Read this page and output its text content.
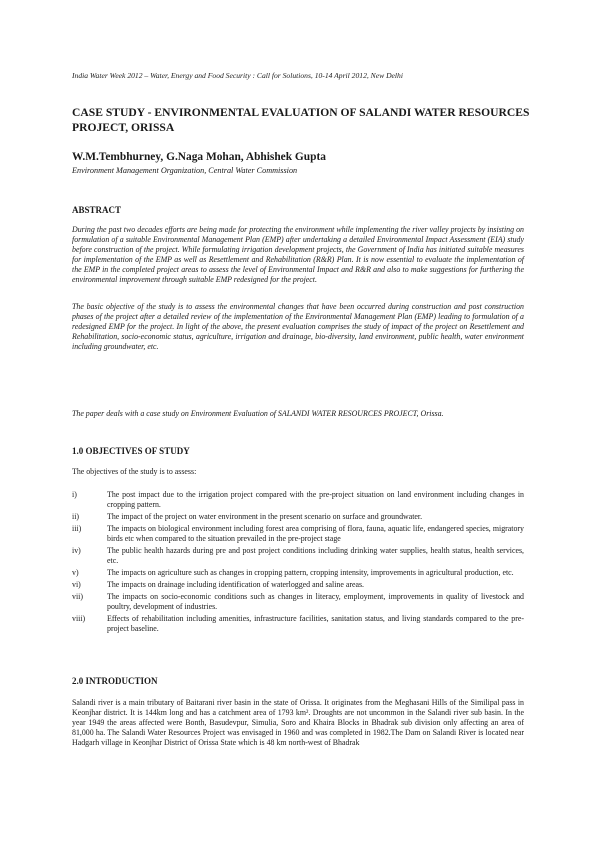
India Water Week 2012 – Water, Energy and Food Security : Call for Solutions, 10-14 April 2012, New Delhi
CASE STUDY - ENVIRONMENTAL EVALUATION OF SALANDI WATER RESOURCES PROJECT, ORISSA
W.M.Tembhurney, G.Naga Mohan, Abhishek Gupta
Environment Management Organization, Central Water Commission
ABSTRACT

During the past two decades efforts are being made for protecting the environment while implementing the river valley projects by insisting on formulation of a suitable Environmental Management Plan (EMP) after undertaking a detailed Environmental Impact Assessment (EIA) study before construction of the project. While formulating irrigation development projects, the Government of India has initiated suitable measures for implementation of the EMP as well as Resettlement and Rehabilitation (R&R) Plan. It is now essential to evaluate the implementation of the EMP in the completed project areas to assess the level of Environmental Impact and R&R and also to make suggestions for furthering the environmental improvement through suitable EMP redesigned for the project.

The basic objective of the study is to assess the environmental changes that have been occurred during construction and post construction phases of the project after a detailed review of the implementation of the Environmental Management Plan (EMP) leading to formulation of a redesigned EMP for the project. In light of the above, the present evaluation comprises the study of impact of the project on Resettlement and Rehabilitation, socio-economic status, agriculture, irrigation and drainage, bio-diversity, land environment, public health, water environment including groundwater, etc.

The paper deals with a case study on Environment Evaluation of SALANDI WATER RESOURCES PROJECT, Orissa.

1.0 OBJECTIVES OF STUDY

The objectives of the study is to assess:

i)	The post impact due to the irrigation project compared with the pre-project situation on land environment including changes in cropping pattern.
ii)	The impact of the project on water environment in the present scenario on surface and groundwater.
iii)	The impacts on biological environment including forest area comprising of flora, fauna, aquatic life, endangered species, migratory birds etc when compared to the situation prevailed in the pre-project stage
iv)	The public health hazards during pre and post project conditions including drinking water supplies, health status, health services, etc.
v)	The impacts on agriculture such as changes in cropping pattern, cropping intensity, improvements in agricultural production, etc.
vi)	The impacts on drainage including identification of waterlogged and saline areas.
vii)	The impacts on socio-economic conditions such as changes in literacy, employment, improvements in quality of livestock and poultry, development of industries.
viii)	Effects of rehabilitation including amenities, infrastructure facilities, sanitation status, and living standards compared to the pre-project baseline.
2.0 INTRODUCTION

Salandi river is a main tributary of Baitarani river basin in the state of Orissa. It originates from the Meghasani Hills of the Similipal pass in Keonjhar district. It is 144km long and has a catchment area of 1793 km². Droughts are not uncommon in the Salandi river sub basin. In the year 1949 the areas affected were Bonth, Basudevpur, Simulia, Soro and Khaira Blocks in Bhadrak sub division only affecting an area of 81,000 ha. The Salandi Water Resources Project was envisaged in 1960 and was completed in 1982.The Dam on Salandi River is located near Hadgarh village in Keonjhar District of Orissa State which is 48 km north-west of Bhadrak
